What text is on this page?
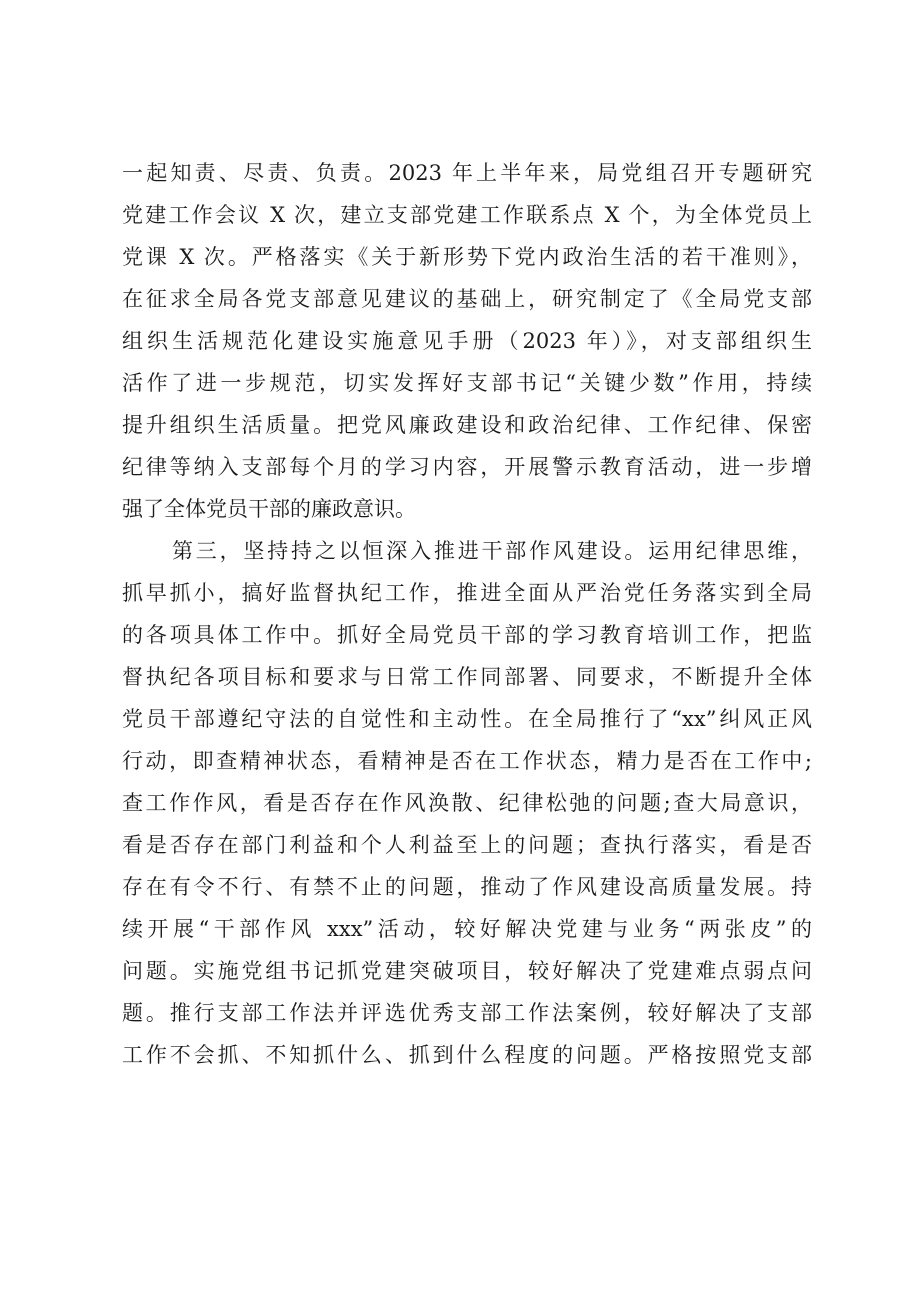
一起知责、尽责、负责。2023 年上半年来，局党组召开专题研究
党建工作会议 X 次，建立支部党建工作联系点 X 个，为全体党员上
党课 X 次。严格落实《关于新形势下党内政治生活的若干准则》，
在征求全局各党支部意见建议的基础上，研究制定了《全局党支部
组织生活规范化建设实施意见手册（2023 年）》，对支部组织生
活作了进一步规范，切实发挥好支部书记“关键少数”作用，持续
提升组织生活质量。把党风廉政建设和政治纪律、工作纪律、保密
纪律等纳入支部每个月的学习内容，开展警示教育活动，进一步增
强了全体党员干部的廉政意识。
第三，坚持持之以恒深入推进干部作风建设。运用纪律思维，
抓早抓小，搞好监督执纪工作，推进全面从严治党任务落实到全局
的各项具体工作中。抓好全局党员干部的学习教育培训工作，把监
督执纪各项目标和要求与日常工作同部署、同要求，不断提升全体
党员干部遵纪守法的自觉性和主动性。在全局推行了“xx”纠风正风
行动，即查精神状态，看精神是否在工作状态，精力是否在工作中;
查工作作风，看是否存在作风涣散、纪律松弛的问题;查大局意识，
看是否存在部门利益和个人利益至上的问题；查执行落实，看是否
存在有令不行、有禁不止的问题，推动了作风建设高质量发展。持
续开展“干部作风 xxx”活动，较好解决党建与业务“两张皮”的
问题。实施党组书记抓党建突破项目，较好解决了党建难点弱点问
题。推行支部工作法并评选优秀支部工作法案例，较好解决了支部
工作不会抓、不知抓什么、抓到什么程度的问题。严格按照党支部
